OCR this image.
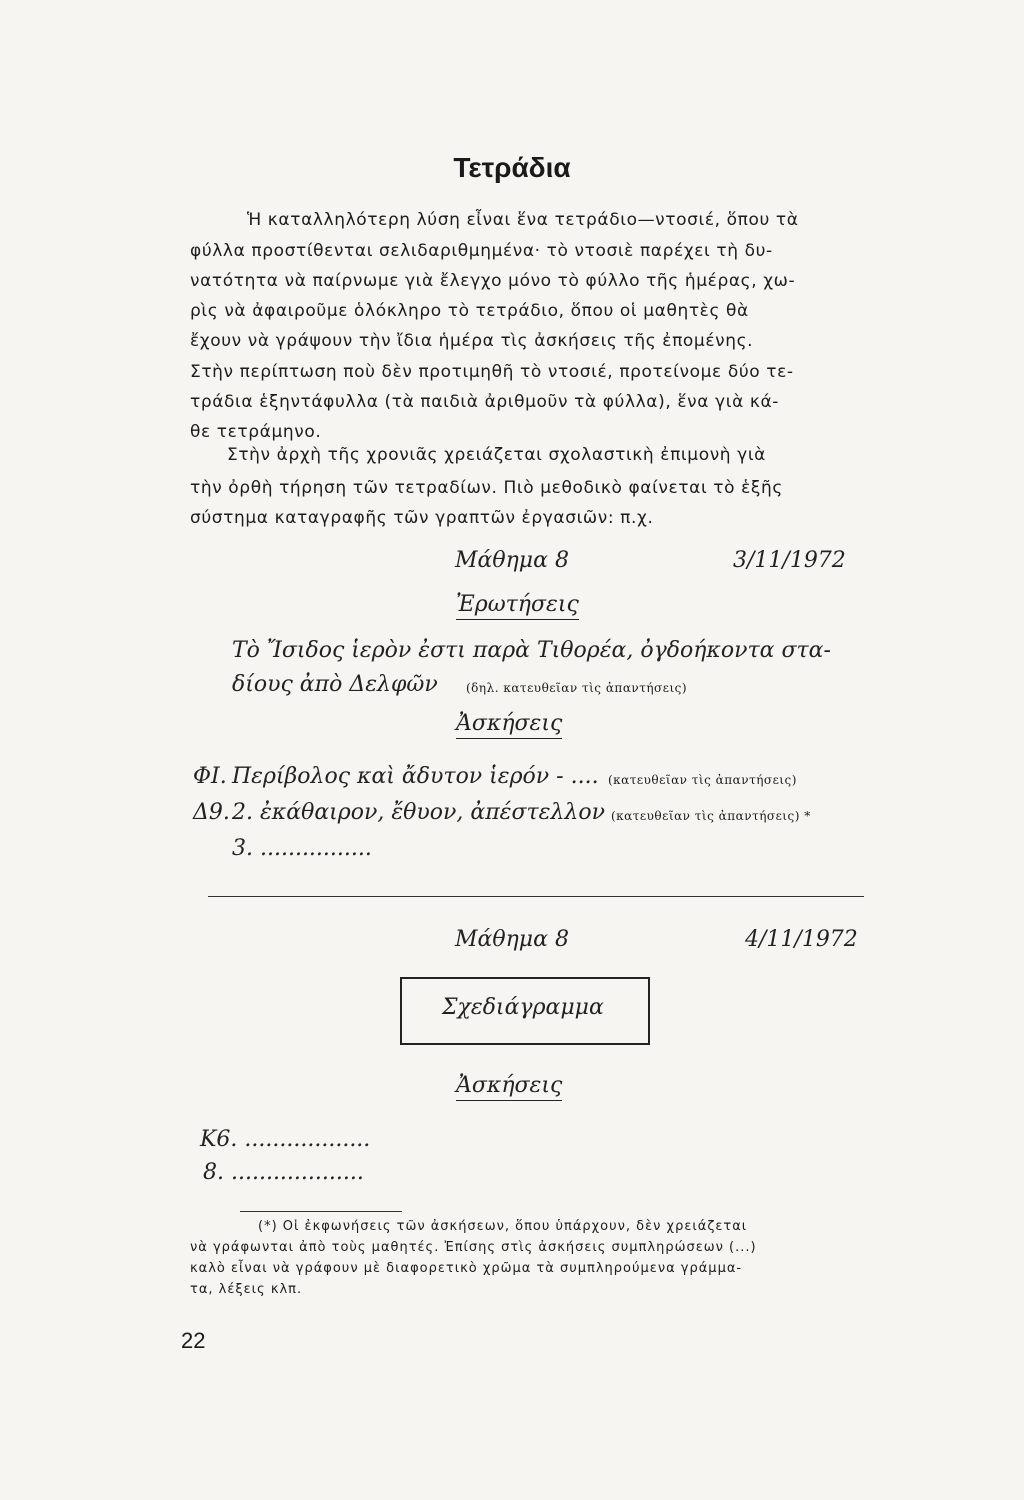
Τετράδια
Ἡ καταλληλότερη λύση εἶναι ἕνα τετράδιο—ντοσιέ, ὅπου τὰ
φύλλα προστίθενται σελιδαριθμημένα· τὸ ντοσιὲ παρέχει τὴ δυ-
νατότητα νὰ παίρνωμε γιὰ ἔλεγχο μόνο τὸ φύλλο τῆς ἡμέρας, χω-
ρὶς νὰ ἀφαιροῦμε ὁλόκληρο τὸ τετράδιο, ὅπου οἱ μαθητὲς θὰ
ἔχουν νὰ γράψουν τὴν ἴδια ἡμέρα τὶς ἀσκήσεις τῆς ἐπομένης.
Στὴν περίπτωση ποὺ δὲν προτιμηθῆ τὸ ντοσιέ, προτείνομε δύο τε-
τράδια ἑξηντάφυλλα (τὰ παιδιὰ ἀριθμοῦν τὰ φύλλα), ἕνα γιὰ κά-
θε τετράμηνο.
Στὴν ἀρχὴ τῆς χρονιᾶς χρειάζεται σχολαστικὴ ἐπιμονὴ γιὰ
τὴν ὀρθὴ τήρηση τῶν τετραδίων. Πιὸ μεθοδικὸ φαίνεται τὸ ἑξῆς
σύστημα καταγραφῆς τῶν γραπτῶν ἐργασιῶν: π.χ.
Μάθημα 8	3/11/1972
Ἐρωτήσεις
Τὸ Ἴσιδος ἱερὸν ἐστι παρὰ Τιθορέα, ὀγδοήκοντα στα-
δίους ἀπὸ Δελφῶν (δηλ. κατευθεῖαν τὶς ἀπαντήσεις)
Ἀσκήσεις
ΦΙ. Περίβολος καὶ ἄδυτον ἱερόν - .... (κατευθεῖαν τὶς ἀπαντήσεις)
Δ9. 2. ἐκάθαιρον, ἔθυον, ἀπέστελλον (κατευθεῖαν τὶς ἀπαντήσεις) *
3. ................
Μάθημα 8	4/11/1972
Σχεδιάγραμμα
Ἀσκήσεις
Κ6. ..................
8. ...................
(*) Οἱ ἐκφωνήσεις τῶν ἀσκήσεων, ὅπου ὑπάρχουν, δὲν χρειάζεται
νὰ γράφωνται ἀπὸ τοὺς μαθητές. Ἐπίσης στὶς ἀσκήσεις συμπληρώσεων (...)
καλὸ εἶναι νὰ γράφουν μὲ διαφορετικὸ χρῶμα τὰ συμπληρούμενα γράμμα-
τα, λέξεις κλπ.
22
